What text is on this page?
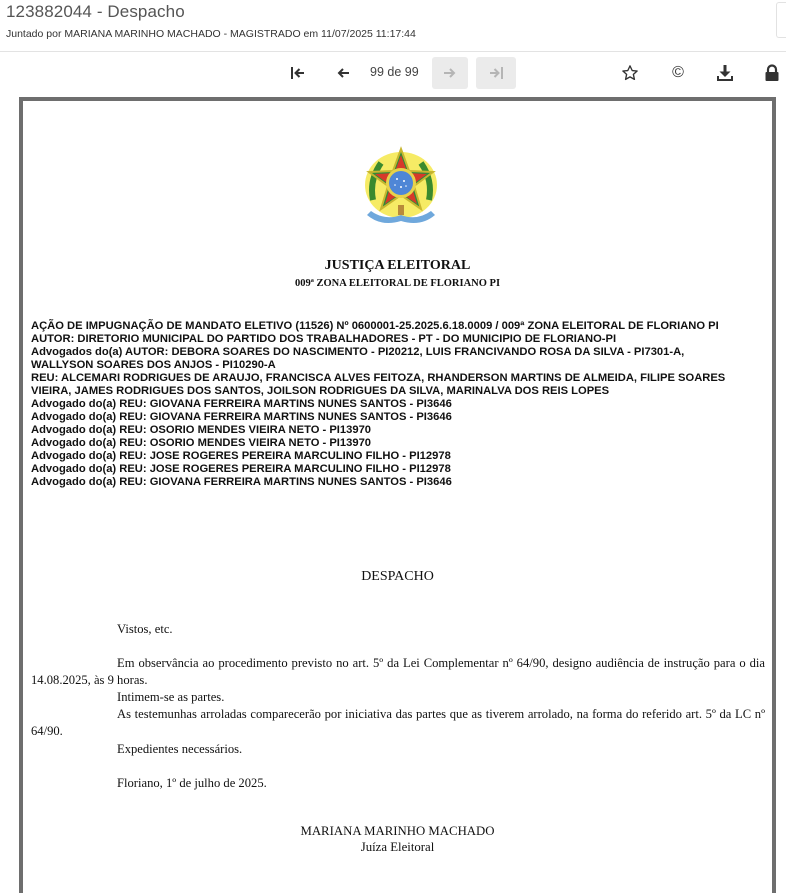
123882044 - Despacho
Juntado por MARIANA MARINHO MACHADO - MAGISTRADO em 11/07/2025 11:17:44
99 de 99	©
JUSTIÇA ELEITORAL
009ª ZONA ELEITORAL DE FLORIANO PI
AÇÃO DE IMPUGNAÇÃO DE MANDATO ELETIVO (11526) Nº 0600001-25.2025.6.18.0009 / 009ª ZONA ELEITORAL DE FLORIANO PI
AUTOR: DIRETORIO MUNICIPAL DO PARTIDO DOS TRABALHADORES - PT - DO MUNICIPIO DE FLORIANO-PI
Advogados do(a) AUTOR: DEBORA SOARES DO NASCIMENTO - PI20212, LUIS FRANCIVANDO ROSA DA SILVA - PI7301-A,
WALLYSON SOARES DOS ANJOS - PI10290-A
REU: ALCEMARI RODRIGUES DE ARAUJO, FRANCISCA ALVES FEITOZA, RHANDERSON MARTINS DE ALMEIDA, FILIPE SOARES
VIEIRA, JAMES RODRIGUES DOS SANTOS, JOILSON RODRIGUES DA SILVA, MARINALVA DOS REIS LOPES
Advogado do(a) REU: GIOVANA FERREIRA MARTINS NUNES SANTOS - PI3646
Advogado do(a) REU: GIOVANA FERREIRA MARTINS NUNES SANTOS - PI3646
Advogado do(a) REU: OSORIO MENDES VIEIRA NETO - PI13970
Advogado do(a) REU: OSORIO MENDES VIEIRA NETO - PI13970
Advogado do(a) REU: JOSE ROGERES PEREIRA MARCULINO FILHO - PI12978
Advogado do(a) REU: JOSE ROGERES PEREIRA MARCULINO FILHO - PI12978
Advogado do(a) REU: GIOVANA FERREIRA MARTINS NUNES SANTOS - PI3646
DESPACHO
Vistos, etc.
Em observância ao procedimento previsto no art. 5º da Lei Complementar nº 64/90, designo audiência de instrução para o dia 14.08.2025, às 9 horas.
Intimem-se as partes.
As testemunhas arroladas comparecerão por iniciativa das partes que as tiverem arrolado, na forma do referido art. 5º da LC nº 64/90.
Expedientes necessários.
Floriano, 1º de julho de 2025.
MARIANA MARINHO MACHADO
Juíza Eleitoral
